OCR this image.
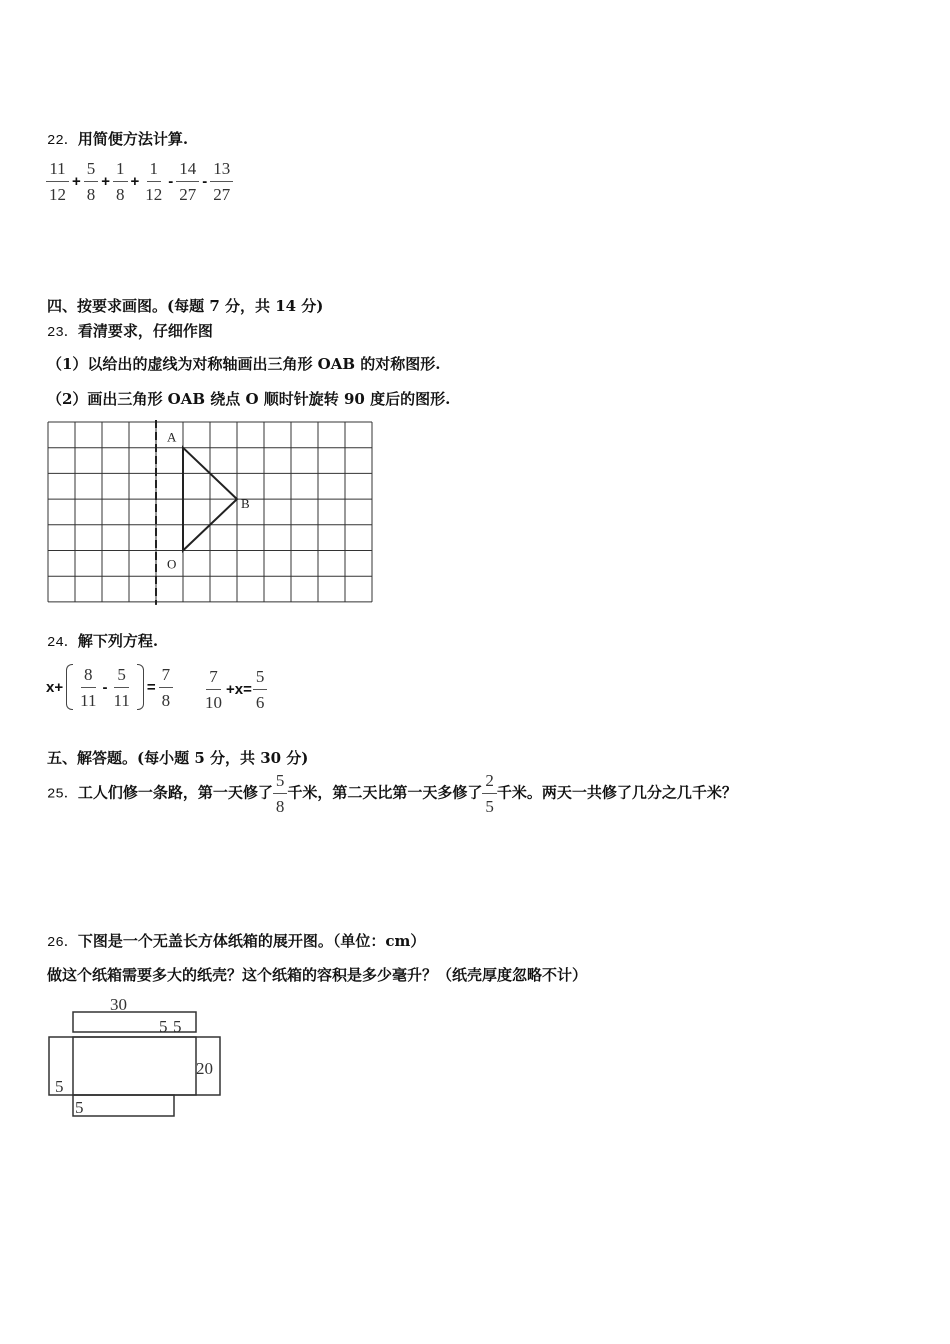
22．用简便方法计算.
$\frac{11}{12} + \frac{5}{8} + \frac{1}{8} + \frac{1}{12} - \frac{14}{27} - \frac{13}{27}$
四、按要求画图。(每题 7 分，共 14 分)
23．看清要求，仔细作图
（1）以给出的虚线为对称轴画出三角形 OAB 的对称图形.
（2）画出三角形 OAB 绕点 O 顺时针旋转 90 度后的图形.
A
B
O
24．解下列方程.
$x+ \frac{8}{11} - \frac{5}{11} = \frac{7}{8} \frac{7}{10} +x= \frac{5}{6}$
五、解答题。(每小题 5 分，共 30 分)
25．工人们修一条路，第一天修了 $\frac{5}{8}$ 千米，第二天比第一天多修了 $\frac{2}{5}$ 千米。两天一共修了几分之几千米？
26．下图是一个无盖长方体纸箱的展开图。（单位：cm）
做这个纸箱需要多大的纸壳？这个纸箱的容积是多少毫升？（纸壳厚度忽略不计）
30
5 5
20
5
5
